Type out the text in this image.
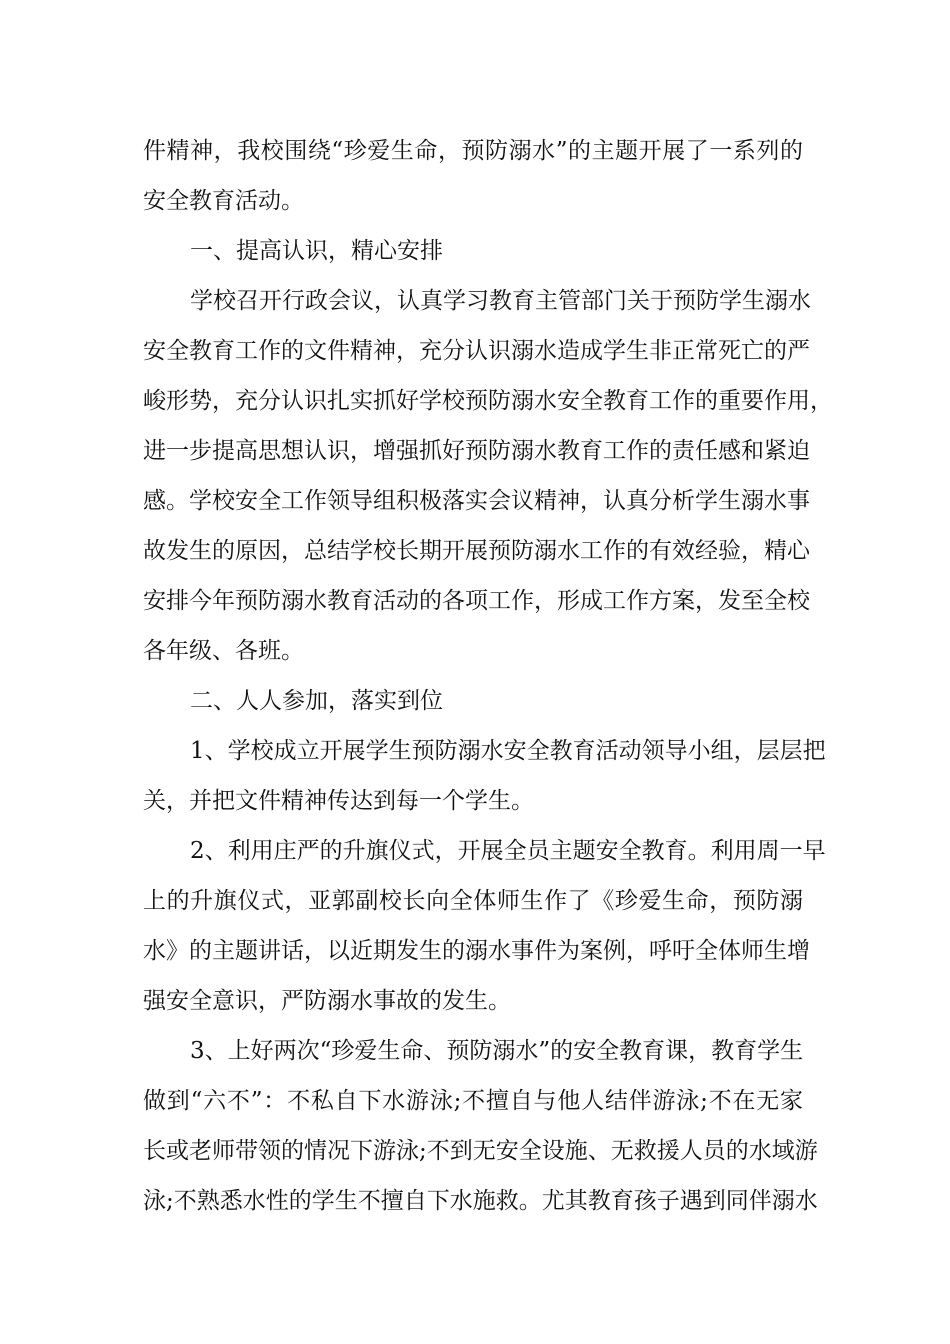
件精神，我校围绕“珍爱生命，预防溺水”的主题开展了一系列的

安全教育活动。

一、提高认识，精心安排

学校召开行政会议，认真学习教育主管部门关于预防学生溺水

安全教育工作的文件精神，充分认识溺水造成学生非正常死亡的严

峻形势，充分认识扎实抓好学校预防溺水安全教育工作的重要作用，

进一步提高思想认识，增强抓好预防溺水教育工作的责任感和紧迫

感。学校安全工作领导组积极落实会议精神，认真分析学生溺水事

故发生的原因，总结学校长期开展预防溺水工作的有效经验，精心

安排今年预防溺水教育活动的各项工作，形成工作方案，发至全校

各年级、各班。

二、人人参加，落实到位

1、学校成立开展学生预防溺水安全教育活动领导小组，层层把

关，并把文件精神传达到每一个学生。

2、利用庄严的升旗仪式，开展全员主题安全教育。利用周一早

上的升旗仪式，亚郭副校长向全体师生作了《珍爱生命，预防溺

水》的主题讲话，以近期发生的溺水事件为案例，呼吁全体师生增

强安全意识，严防溺水事故的发生。

3、上好两次“珍爱生命、预防溺水”的安全教育课，教育学生

做到“六不”：不私自下水游泳;不擅自与他人结伴游泳;不在无家

长或老师带领的情况下游泳;不到无安全设施、无救援人员的水域游

泳;不熟悉水性的学生不擅自下水施救。尤其教育孩子遇到同伴溺水
